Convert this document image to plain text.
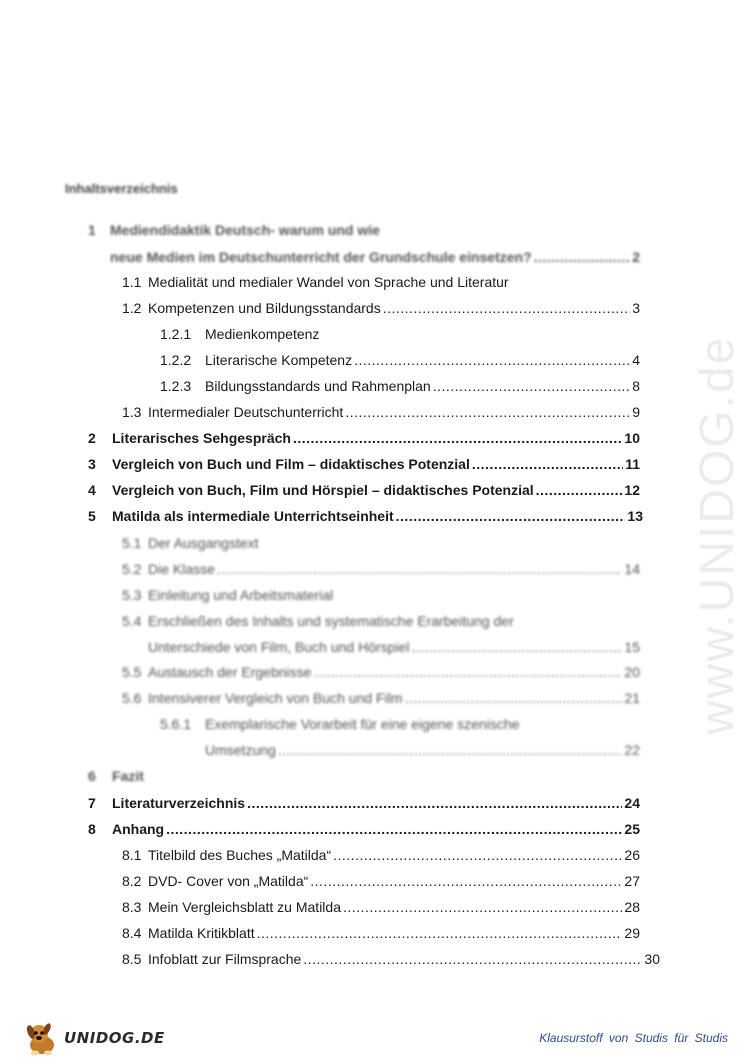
www.UNIDOG.de
Inhaltsverzeichnis
1 Mediendidaktik Deutsch- warum und wie
neue Medien im Deutschunterricht der Grundschule einsetzen? .....	2
1.1 Medialität und medialer Wandel von Sprache und Literatur
1.2 Kompetenzen und Bildungsstandards .....	3
1.2.1 Medienkompetenz
1.2.2 Literarische Kompetenz .....	4
1.2.3 Bildungsstandards und Rahmenplan .....	8
1.3 Intermedialer Deutschunterricht .....	9
2 Literarisches Sehgespräch .....	10
3 Vergleich von Buch und Film – didaktisches Potenzial .....	11
4 Vergleich von Buch, Film und Hörspiel – didaktisches Potenzial .....	12
5 Matilda als intermediale Unterrichtseinheit .....	13
5.1 Der Ausgangstext
5.2 Die Klasse .....	14
5.3 Einleitung und Arbeitsmaterial
5.4 Erschließen des Inhalts und systematische Erarbeitung der
Unterschiede von Film, Buch und Hörspiel .....	15
5.5 Austausch der Ergebnisse .....	20
5.6 Intensiverer Vergleich von Buch und Film .....	21
5.6.1 Exemplarische Vorarbeit für eine eigene szenische
Umsetzung .....	22
6 Fazit
7 Literaturverzeichnis .....	24
8 Anhang .....	25
8.1 Titelbild des Buches „Matilda“ .....	26
8.2 DVD- Cover von „Matilda“ .....	27
8.3 Mein Vergleichsblatt zu Matilda .....	28
8.4 Matilda Kritikblatt .....	29
8.5 Infoblatt zur Filmsprache .....	30
UNIDOG.DE	Klausurstoff von Studis für Studis
